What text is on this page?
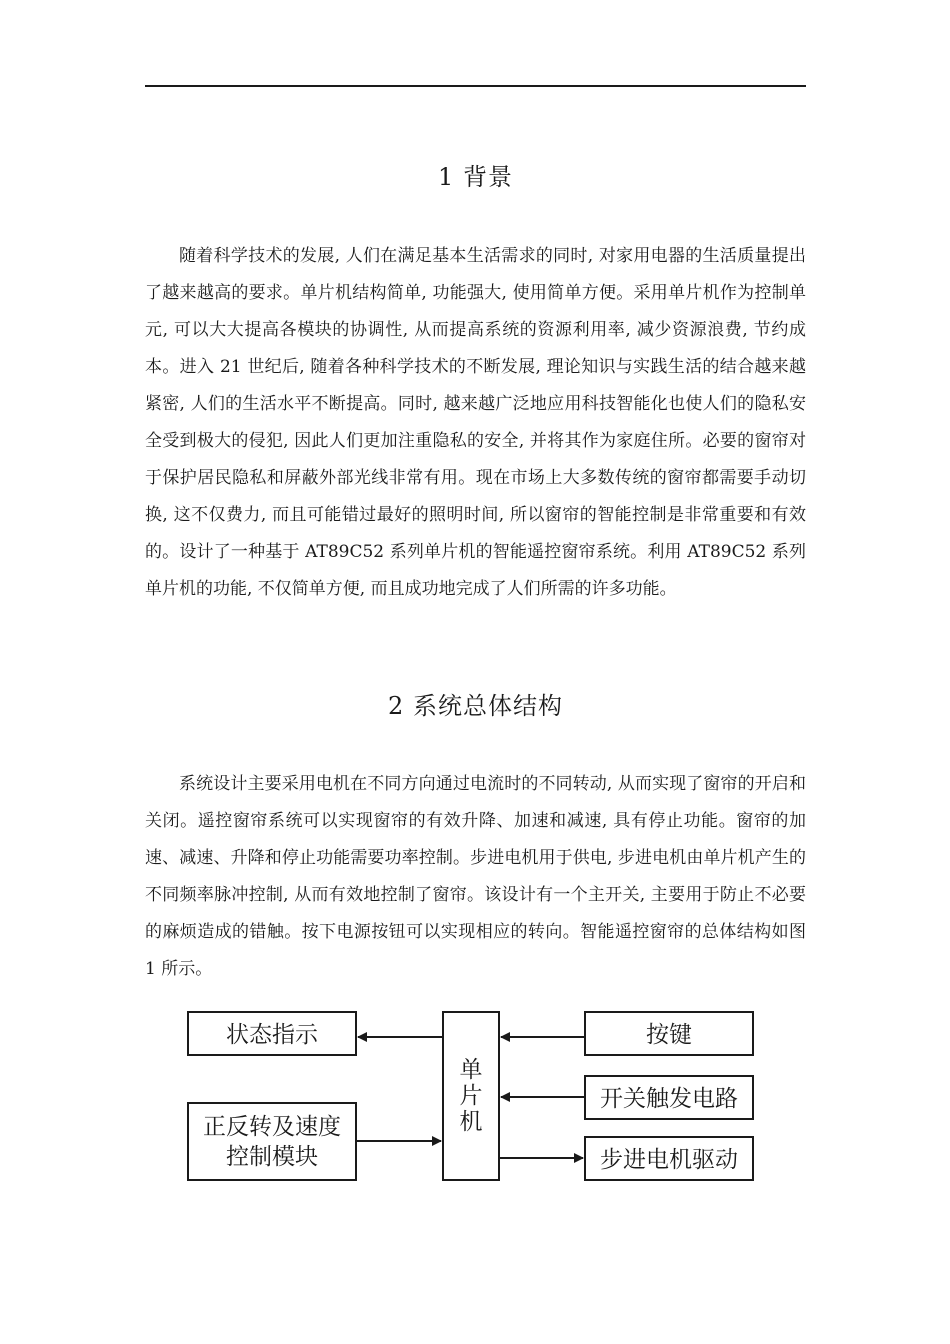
1 背景

随着科学技术的发展, 人们在满足基本生活需求的同时, 对家用电器的生活质量提出了越来越高的要求。单片机结构简单, 功能强大, 使用简单方便。采用单片机作为控制单元, 可以大大提高各模块的协调性, 从而提高系统的资源利用率, 减少资源浪费, 节约成本。进入 21 世纪后, 随着各种科学技术的不断发展, 理论知识与实践生活的结合越来越紧密, 人们的生活水平不断提高。同时, 越来越广泛地应用科技智能化也使人们的隐私安全受到极大的侵犯, 因此人们更加注重隐私的安全, 并将其作为家庭住所。必要的窗帘对于保护居民隐私和屏蔽外部光线非常有用。现在市场上大多数传统的窗帘都需要手动切换, 这不仅费力, 而且可能错过最好的照明时间, 所以窗帘的智能控制是非常重要和有效的。设计了一种基于 AT89C52 系列单片机的智能遥控窗帘系统。利用 AT89C52 系列单片机的功能, 不仅简单方便, 而且成功地完成了人们所需的许多功能。

2 系统总体结构

系统设计主要采用电机在不同方向通过电流时的不同转动, 从而实现了窗帘的开启和关闭。遥控窗帘系统可以实现窗帘的有效升降、加速和减速, 具有停止功能。窗帘的加速、减速、升降和停止功能需要功率控制。步进电机用于供电, 步进电机由单片机产生的不同频率脉冲控制, 从而有效地控制了窗帘。该设计有一个主开关, 主要用于防止不必要的麻烦造成的错触。按下电源按钮可以实现相应的转向。智能遥控窗帘的总体结构如图 1 所示。

单
片
机
状态指示
正反转及速度
控制模块
按键
开关触发电路
步进电机驱动
